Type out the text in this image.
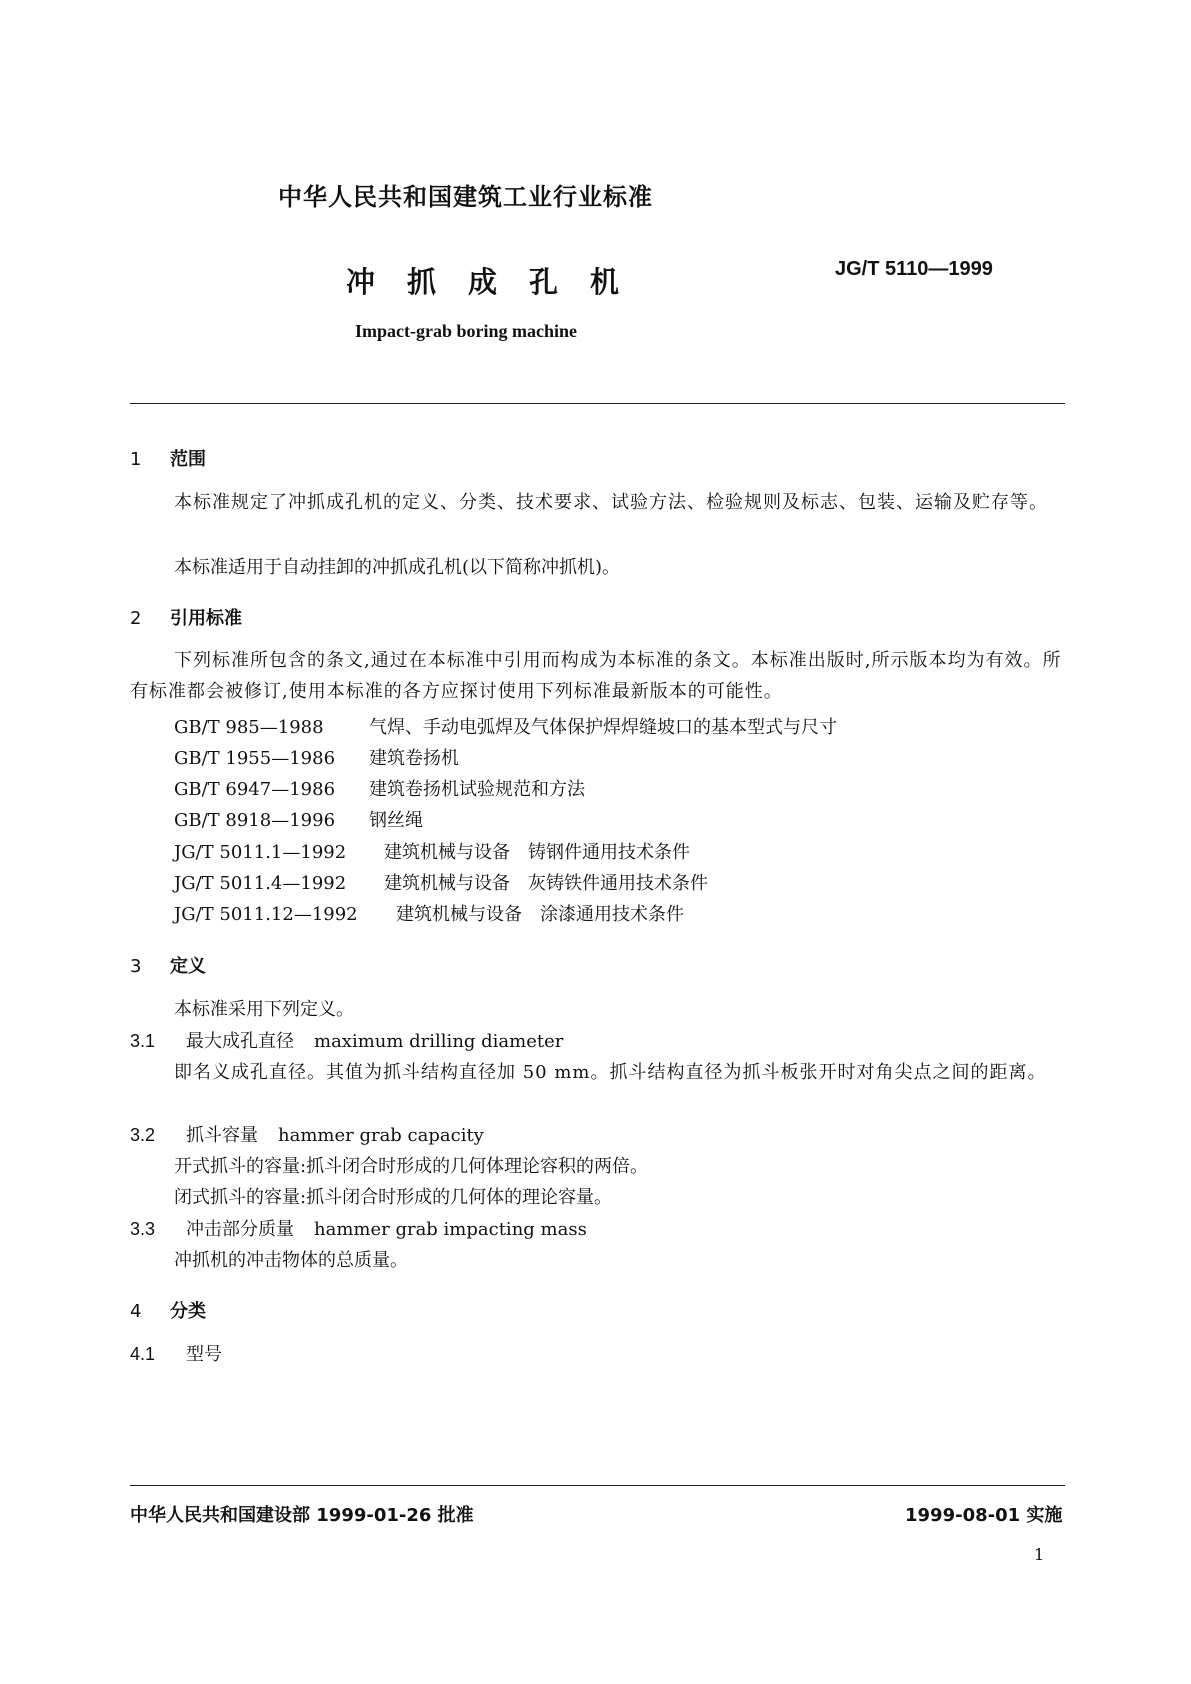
中华人民共和国建筑工业行业标准
冲抓成孔机	JG/T 5110—1999
Impact-grab boring machine
1 范围
本标准规定了冲抓成孔机的定义、分类、技术要求、试验方法、检验规则及标志、包装、运输及贮存等。
本标准适用于自动挂卸的冲抓成孔机(以下简称冲抓机)。
2 引用标准
下列标准所包含的条文,通过在本标准中引用而构成为本标准的条文。本标准出版时,所示版本均为有效。所有标准都会被修订,使用本标准的各方应探讨使用下列标准最新版本的可能性。
GB/T 985—1988	气焊、手动电弧焊及气体保护焊焊缝坡口的基本型式与尺寸
GB/T 1955—1986 建筑卷扬机
GB/T 6947—1986 建筑卷扬机试验规范和方法
GB/T 8918—1996 钢丝绳
JG/T 5011.1—1992 建筑机械与设备　铸钢件通用技术条件
JG/T 5011.4—1992 建筑机械与设备　灰铸铁件通用技术条件
JG/T 5011.12—1992 建筑机械与设备　涂漆通用技术条件
3 定义
本标准采用下列定义。
3.1 最大成孔直径 maximum drilling diameter
即名义成孔直径。其值为抓斗结构直径加 50 mm。抓斗结构直径为抓斗板张开时对角尖点之间的距离。
3.2 抓斗容量 hammer grab capacity
开式抓斗的容量:抓斗闭合时形成的几何体理论容积的两倍。
闭式抓斗的容量:抓斗闭合时形成的几何体的理论容量。
3.3 冲击部分质量 hammer grab impacting mass
冲抓机的冲击物体的总质量。
4 分类
4.1 型号
中华人民共和国建设部 1999-01-26 批准	1999-08-01 实施
1
